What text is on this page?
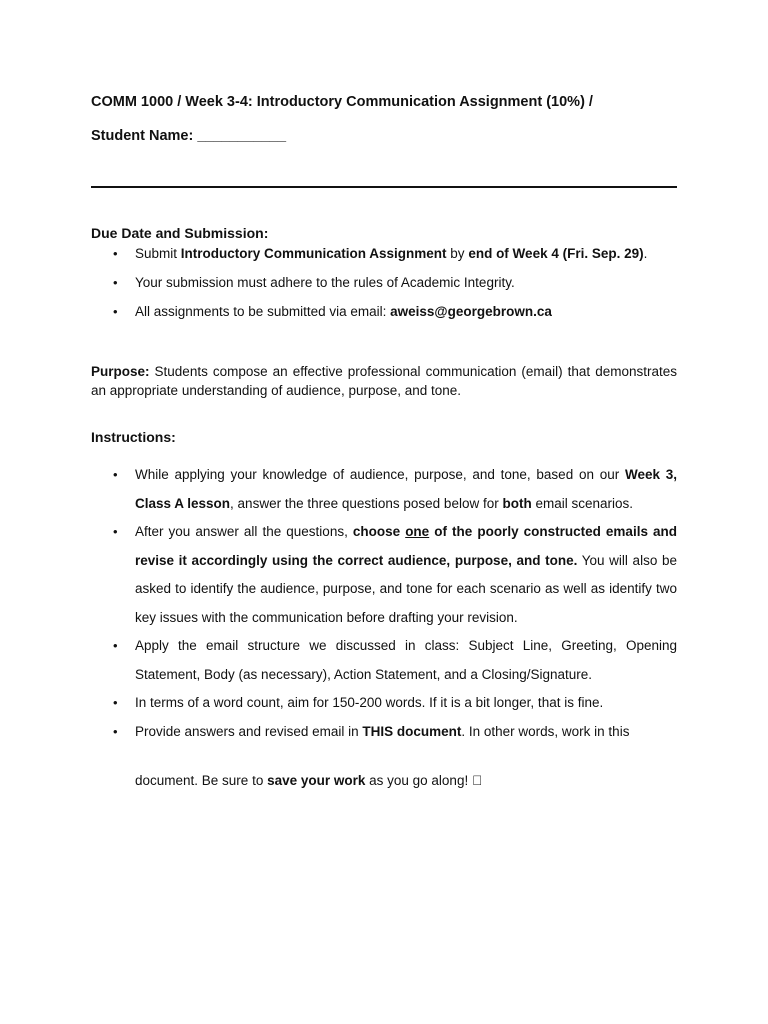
COMM 1000 / Week 3-4: Introductory Communication Assignment (10%) /
Student Name: ___________
Due Date and Submission:
• Submit Introductory Communication Assignment by end of Week 4 (Fri. Sep. 29).
• Your submission must adhere to the rules of Academic Integrity.
• All assignments to be submitted via email: aweiss@georgebrown.ca
Purpose: Students compose an effective professional communication (email) that demonstrates an appropriate understanding of audience, purpose, and tone.
Instructions:
• While applying your knowledge of audience, purpose, and tone, based on our Week 3, Class A lesson, answer the three questions posed below for both email scenarios.
• After you answer all the questions, choose one of the poorly constructed emails and revise it accordingly using the correct audience, purpose, and tone. You will also be asked to identify the audience, purpose, and tone for each scenario as well as identify two key issues with the communication before drafting your revision.
• Apply the email structure we discussed in class: Subject Line, Greeting, Opening Statement, Body (as necessary), Action Statement, and a Closing/Signature.
• In terms of a word count, aim for 150-200 words. If it is a bit longer, that is fine.
• Provide answers and revised email in THIS document. In other words, work in this
document. Be sure to save your work as you go along!
